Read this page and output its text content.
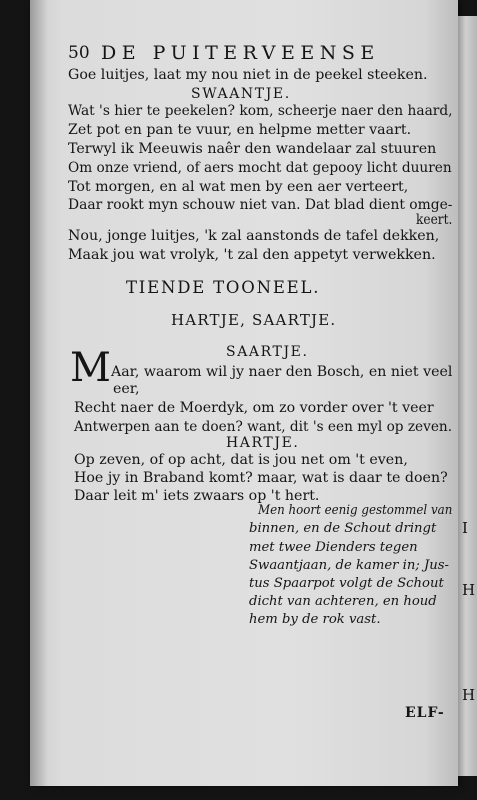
I
H
H
50 DE PUITERVEENSE
Goe luitjes, laat my nou niet in de peekel steeken.
SWAANTJE.
Wat 's hier te peekelen? kom, scheerje naer den haard,
Zet pot en pan te vuur, en helpme metter vaart.
Terwyl ik Meeuwis naêr den wandelaar zal stuuren
Om onze vriend, of aers mocht dat gepooy licht duuren
Tot morgen, en al wat men by een aer verteert,
Daar rookt myn schouw niet van. Dat blad dient omge-
keert.
Nou, jonge luitjes, 'k zal aanstonds de tafel dekken,
Maak jou wat vrolyk, 't zal den appetyt verwekken.
TIENDE TOONEEL.
HARTJE, SAARTJE.
SAARTJE.
M Aar, waarom wil jy naer den Bosch, en niet veel
eer,
Recht naer de Moerdyk, om zo vorder over 't veer
Antwerpen aan te doen? want, dit 's een myl op zeven.
HARTJE.
Op zeven, of op acht, dat is jou net om 't even,
Hoe jy in Braband komt? maar, wat is daar te doen?
Daar leit m' iets zwaars op 't hert.
Men hoort eenig gestommel van
binnen, en de Schout dringt
met twee Dienders tegen
Swaantjaan, de kamer in; Jus-
tus Spaarpot volgt de Schout
dicht van achteren, en houd
hem by de rok vast.
ELF-
